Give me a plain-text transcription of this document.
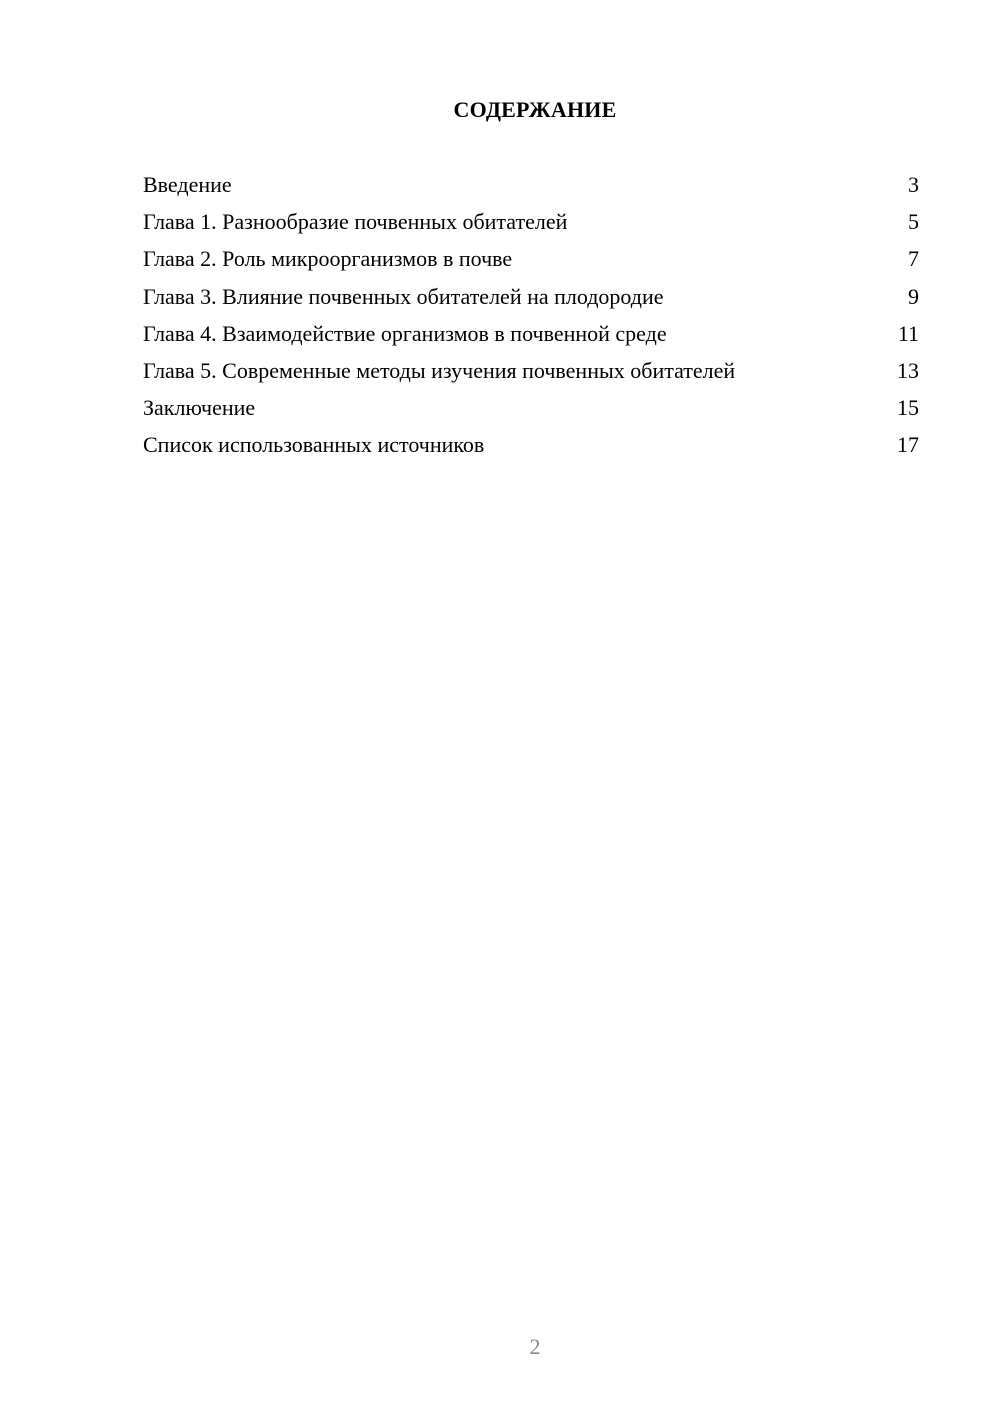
СОДЕРЖАНИЕ
Введение	3
Глава 1. Разнообразие почвенных обитателей	5
Глава 2. Роль микроорганизмов в почве	7
Глава 3. Влияние почвенных обитателей на плодородие	9
Глава 4. Взаимодействие организмов в почвенной среде	11
Глава 5. Современные методы изучения почвенных обитателей	13
Заключение	15
Список использованных источников	17
2
